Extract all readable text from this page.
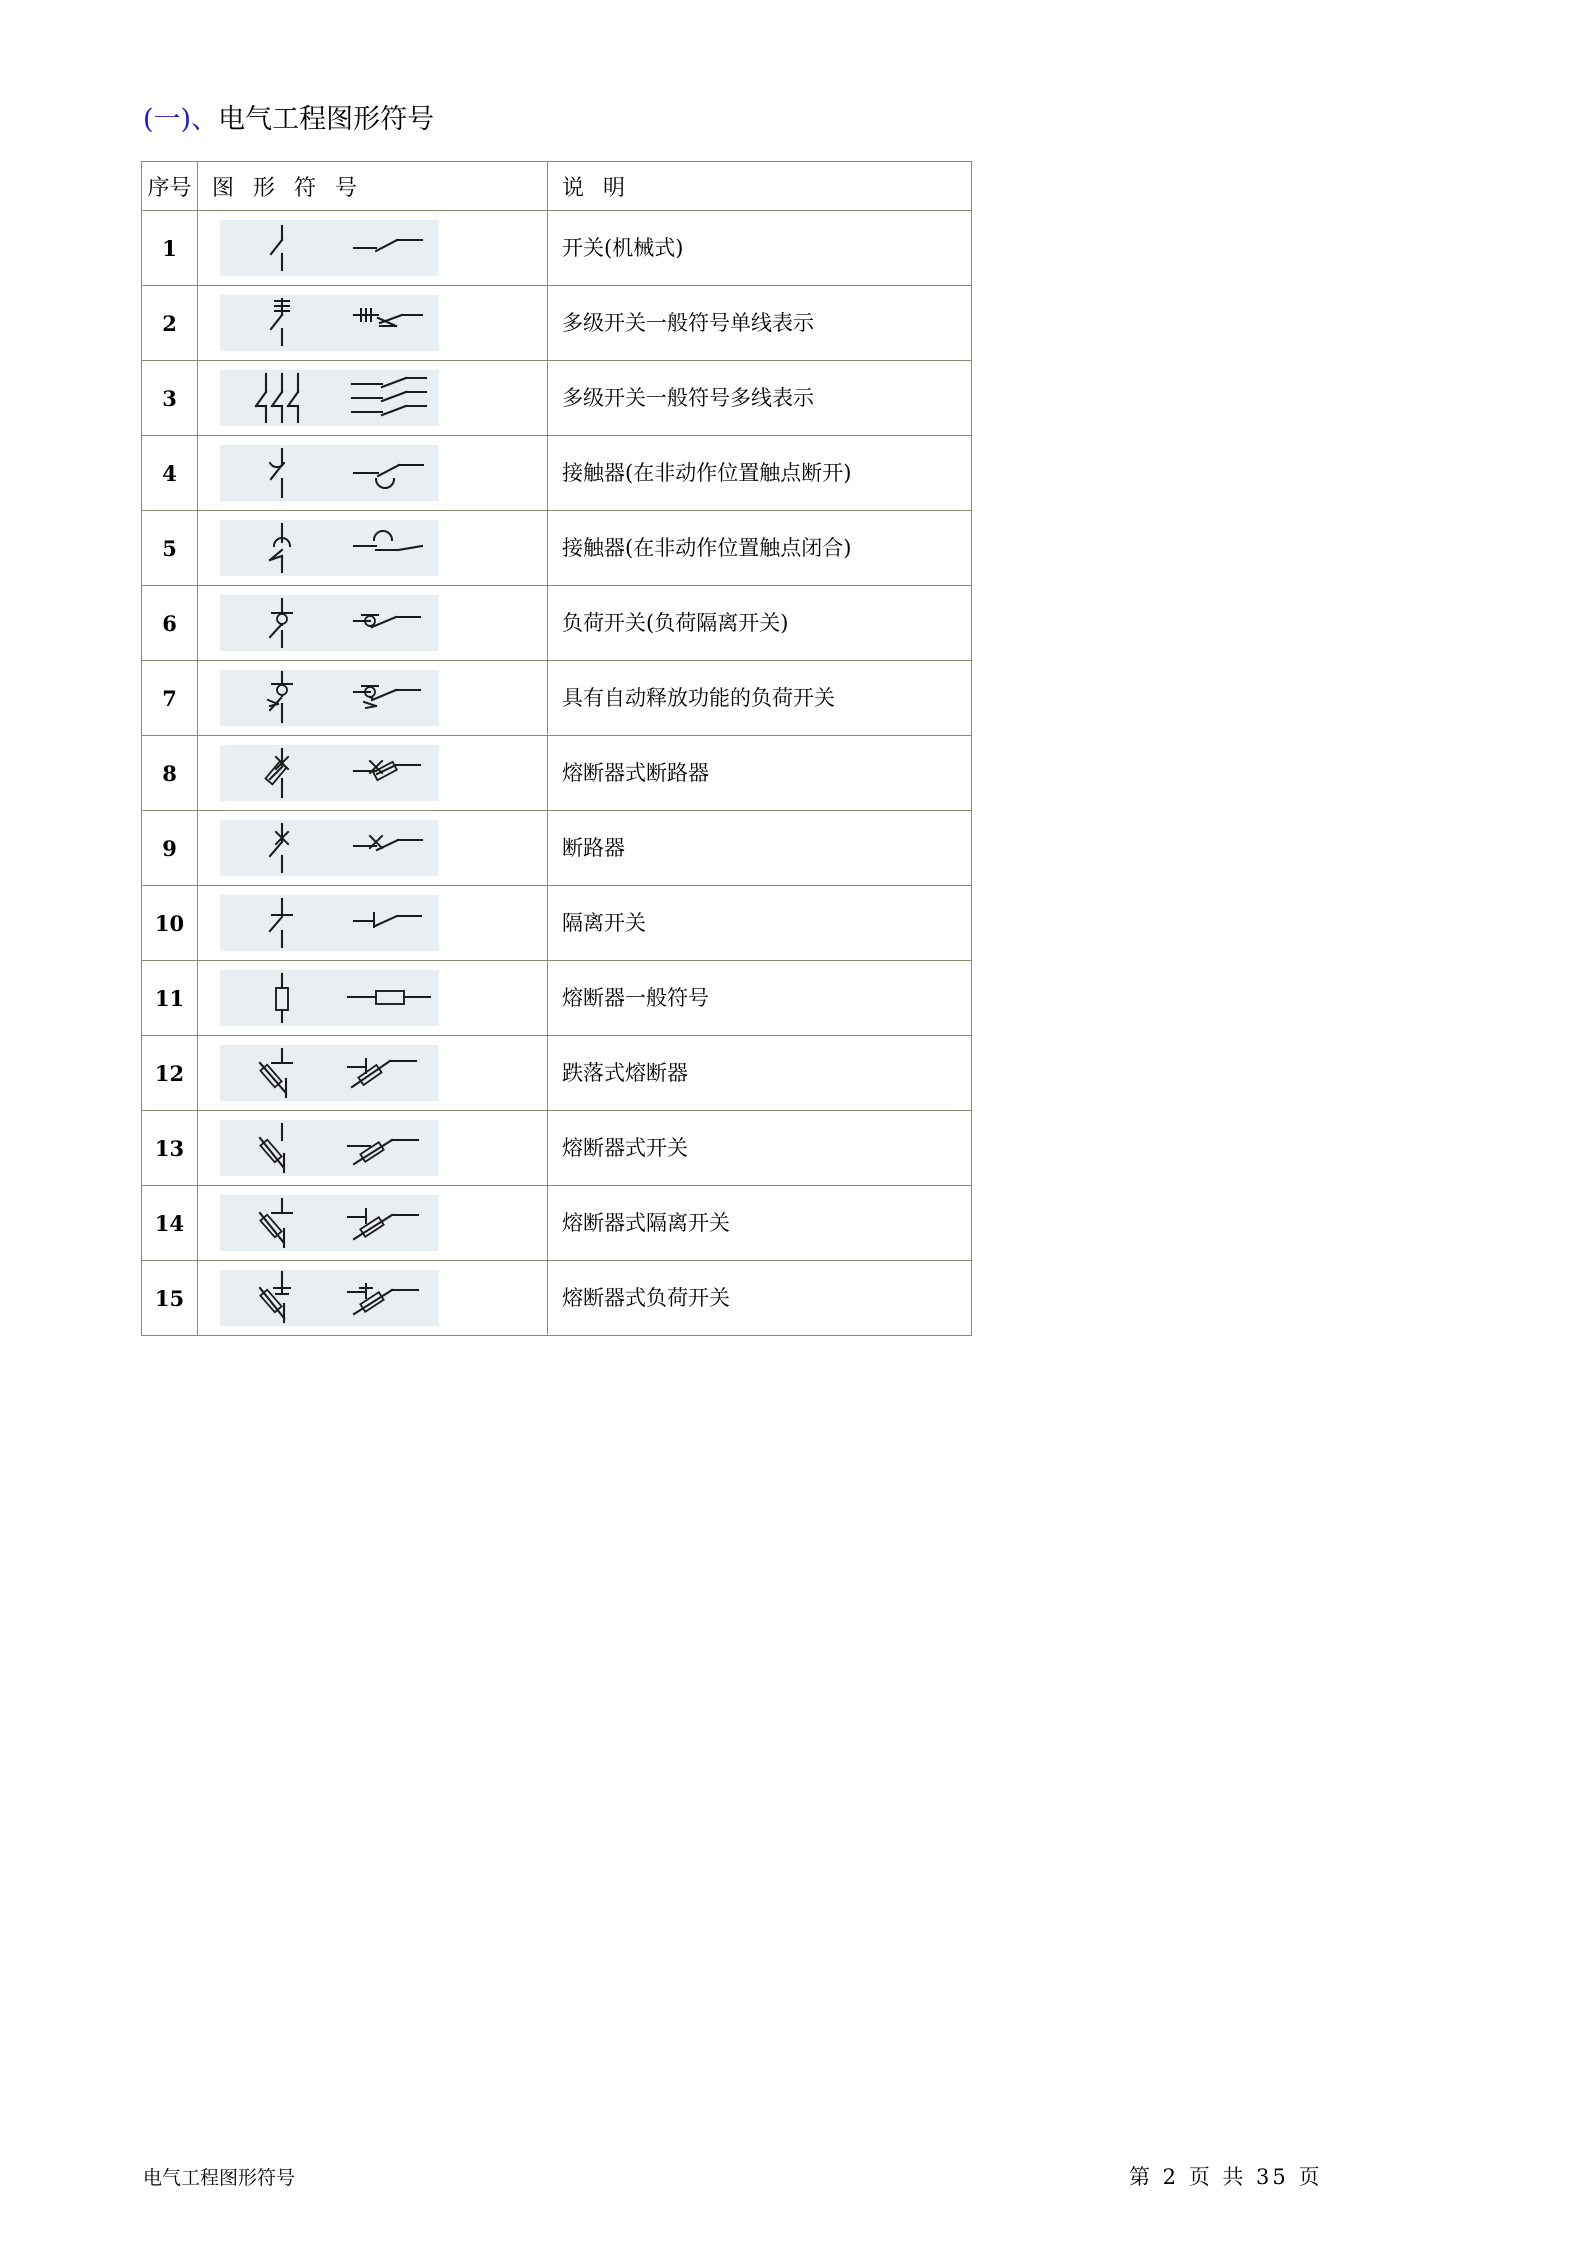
(一)、电气工程图形符号
序号	图 形 符 号	说 明
1		开关(机械式)
2		多级开关一般符号单线表示
3		多级开关一般符号多线表示
4		接触器(在非动作位置触点断开)
5		接触器(在非动作位置触点闭合)
6		负荷开关(负荷隔离开关)
7		具有自动释放功能的负荷开关
8		熔断器式断路器
9		断路器
10		隔离开关
11		熔断器一般符号
12		跌落式熔断器
13		熔断器式开关
14		熔断器式隔离开关
15		熔断器式负荷开关
电气工程图形符号	第 2 页 共 35 页
